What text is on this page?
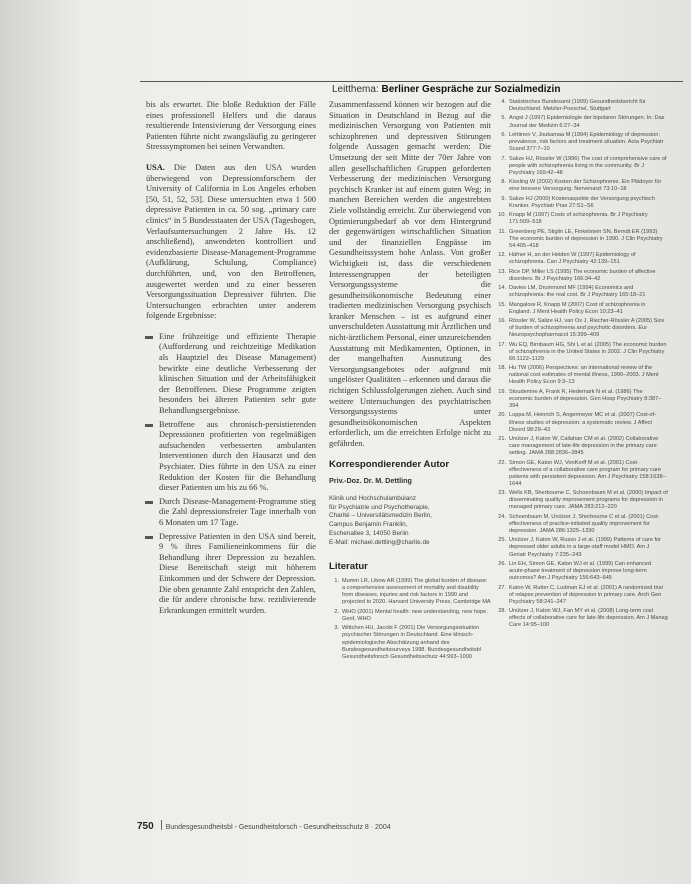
Leitthema: Berliner Gespräche zur Sozialmedizin

bis als erwartet. Die bloße Reduktion der Fälle eines professionell Helfers und die daraus resultierende Intensivierung der Versorgung eines Patienten führte nicht zwangsläufig zu geringerer Stresssymptomen bei seinen Verwandten.

USA. Die Daten aus den USA wurden überwiegend von Depressionsforschern der University of California in Los Angeles erhoben [50, 51, 52, 53]. Diese untersuchten etwa 1 500 depressive Patienten in ca. 50 sog. „primary care clinics“ in 5 Bundesstaaten der USA (Tagesbogen, Verlaufsuntersuchungen 2 Jahre Hs. 12 anschließend), anwendeten kontrolliert und evidenzbasierte Disease-Management-Programme (Aufklärung, Schulung, Compliance) durchführten, und, von den Betroffenen, ausgewertet werden und zu einer besseren Versorgungssituation Depressiver führten. Die Untersuchungen erbrachten unter anderem folgende Ergebnisse:

Eine frühzeitige und effiziente Therapie (Aufforderung und reichtzeitige Medikation als Hauptziel des Disease Management) bewirkte eine deutliche Verbesserung der klinischen Situation und der Arbeitsfähigkeit der Betroffenen. Diese Programme zeigten besonders bei älteren Patienten sehr gute Behandlungsergebnisse.
Betroffene aus chronisch-persistierenden Depressionen profitierten von regelmäßigen aufsuchenden verbesserten ambulanten Interventionen durch den Hausarzt und den Psychiater. Dies führte in den USA zu einer Reduktion der Kosten für die Behandlung dieser Patienten um bis zu 66 %.
Durch Disease-Management-Programme stieg die Zahl depressionsfreier Tage innerhalb von 6 Monaten um 17 Tage.
Depressive Patienten in den USA sind bereit, 9 % ihres Familieneinkommens für die Behandlung ihrer Depression zu bezahlen. Diese Bereitschaft steigt mit höherem Einkommen und der Schwere der Depression. Die oben genannte Zahl entspricht den Zahlen, die für andere chronische bzw. rezidivierende Erkrankungen ermittelt wurden.

Zusammenfassend können wir bezogen auf die Situation in Deutschland in Bezug auf die medizinischen Versorgung von Patienten mit schizophrenen und depressiven Störungen folgende Aussagen gemacht werden: Die Umsetzung der seit Mitte der 70er Jahre von allen gesellschaftlichen Gruppen geforderten Verbesserung der medizinischen Versorgung psychisch Kranker ist auf einem guten Weg; in manchen Bereichen werden die angestrebten Ziele vollständig erreicht. Zur überwiegend von Optimierungsbedarf ab vor dem Hintergrund der gegenwärtigen wirtschaftlichen Situation und der finanziellen Engpässe im Gesundheitssystem hohe Anlass. Von großer Wichtigkeit ist, dass die verschiedenen Interessengruppen der beteiligten Versorgungssysteme die gesundheitsökonomische Bedeutung einer tradierten medizinischen Versorgung psychisch kranker Menschen – ist es aufgrund einer unverschuldeten Ausstattung mit Ärztlichen und nicht-ärztlichem Personal, einer unzureichenden Ausstattung mit Medikamenten, Optionen, in der mangelhaften Ausnutzung des Versorgungsangebotes oder aufgrund mit ungelöster Qualitäten – erkennen und daraus die richtigen Schlussfolgerungen ziehen. Auch sind weitere Untersuchungen des psychiatrischen Versorgungssystems unter gesundheitsökonomischen Aspekten erforderlich, um die erreichten Erfolge nicht zu gefährden.

Korrespondierender Autor
Priv.-Doz. Dr. M. Dettling
Klinik und Hochschulambulanz
für Psychiatrie und Psychotherapie,
Charité – Universitätsmedizin Berlin,
Campus Benjamin Franklin,
Eschenallee 3, 14050 Berlin
E-Mail: michael.dettling@charite.de
Literatur
1. Mumm LR, Libow AR (1999) The global burden of disease: a comprehensive assessment of mortality and disability from diseases, injuries and risk factors in 1990 and projected to 2020. Harvard University Press, Cambridge MA
2. WHO (2001) Mental health: new understanding, new hope. Genf, WHO
3. Wittchen HU, Jacobi F (2001) Die Versorgungssituation psychischer Störungen in Deutschland. Eine klinisch-epidemiologische Abschätzung anhand des Bundesgesundheitssurveys 1998. Bundesgesundheitsbl Gesundheitsforsch Gesundheitsschutz 44:993–1000
4. Statistisches Bundesamt (1999) Gesundheitsbericht für Deutschland. Metzler-Poeschel, Stuttgart
5. Angst J (1997) Epidemiologie der bipolaren Störungen. In: Das Journal der Medizin 6:27–34
6. Lehtinen V, Joukamaa M (1994) Epidemiology of depression: prevalence, risk factors and treatment situation. Acta Psychiatr Scand 377:7–10
7. Salize HJ, Rössler W (1996) The cost of comprehensive care of people with schizophrenia living in the community. Br J Psychiatry 169:42–48
8. Kissling W (2002) Kosten der Schizophrenie. Ein Plädoyer für eine bessere Versorgung. Nervenarzt 73:10–18
9. Salize HJ (2000) Kostenaspekte der Versorgung psychisch Kranker. Psychiatr Prax 27:S1–S6
10. Knapp M (1997) Costs of schizophrenia. Br J Psychiatry 171:509–518
11. Greenberg PE, Stiglin LE, Finkelstein SN, Berndt ER (1993) The economic burden of depression in 1990. J Clin Psychiatry 54:405–418
12. Häfner H, an der Heiden W (1997) Epidemiology of schizophrenia. Can J Psychiatry 42:139–151
13. Rice DP, Miller LS (1995) The economic burden of affective disorders. Br J Psychiatry 166:34–42
14. Davies LM, Drummond MF (1994) Economics and schizophrenia: the real cost. Br J Psychiatry 165:18–21
15. Mangalore R, Knapp M (2007) Cost of schizophrenia in England. J Ment Health Policy Econ 10:23–41
16. Rössler W, Salize HJ, van Os J, Riecher-Rössler A (2005) Size of burden of schizophrenia and psychotic disorders. Eur Neuropsychopharmacol 15:399–409
17. Wu EQ, Birnbaum HG, Shi L et al. (2005) The economic burden of schizophrenia in the United States in 2002. J Clin Psychiatry 66:1122–1129
18. Hu TW (2006) Perspectives: an international review of the national cost estimates of mental illness, 1990–2003. J Ment Health Policy Econ 9:3–13
19. Stoudemire A, Frank R, Hedemark N et al. (1986) The economic burden of depression. Gen Hosp Psychiatry 8:387–394
20. Luppa M, Heinrich S, Angermeyer MC et al. (2007) Cost-of-illness studies of depression: a systematic review. J Affect Disord 98:29–43
21. Unützer J, Katon W, Callahan CM et al. (2002) Collaborative care management of late-life depression in the primary care setting. JAMA 288:2836–2845
22. Simon GE, Katon WJ, VonKorff M et al. (2001) Cost-effectiveness of a collaborative care program for primary care patients with persistent depression. Am J Psychiatry 158:1638–1644
23. Wells KB, Sherbourne C, Schoenbaum M et al. (2000) Impact of disseminating quality improvement programs for depression in managed primary care. JAMA 283:212–220
24. Schoenbaum M, Unützer J, Sherbourne C et al. (2001) Cost-effectiveness of practice-initiated quality improvement for depression. JAMA 286:1325–1330
25. Unützer J, Katon W, Russo J et al. (1999) Patterns of care for depressed older adults in a large-staff model HMO. Am J Geriatr Psychiatry 7:235–243
26. Lin EH, Simon GE, Katon WJ et al. (1999) Can enhanced acute-phase treatment of depression improve long-term outcomes? Am J Psychiatry 156:643–645
27. Katon W, Rutter C, Ludman EJ et al. (2001) A randomized trial of relapse prevention of depression in primary care. Arch Gen Psychiatry 58:241–247
28. Unützer J, Katon WJ, Fan MY et al. (2008) Long-term cost effects of collaborative care for late-life depression. Am J Manag Care 14:95–100
750 Bundesgesundheitsbl - Gesundheitsforsch - Gesundheitsschutz 8 · 2004
